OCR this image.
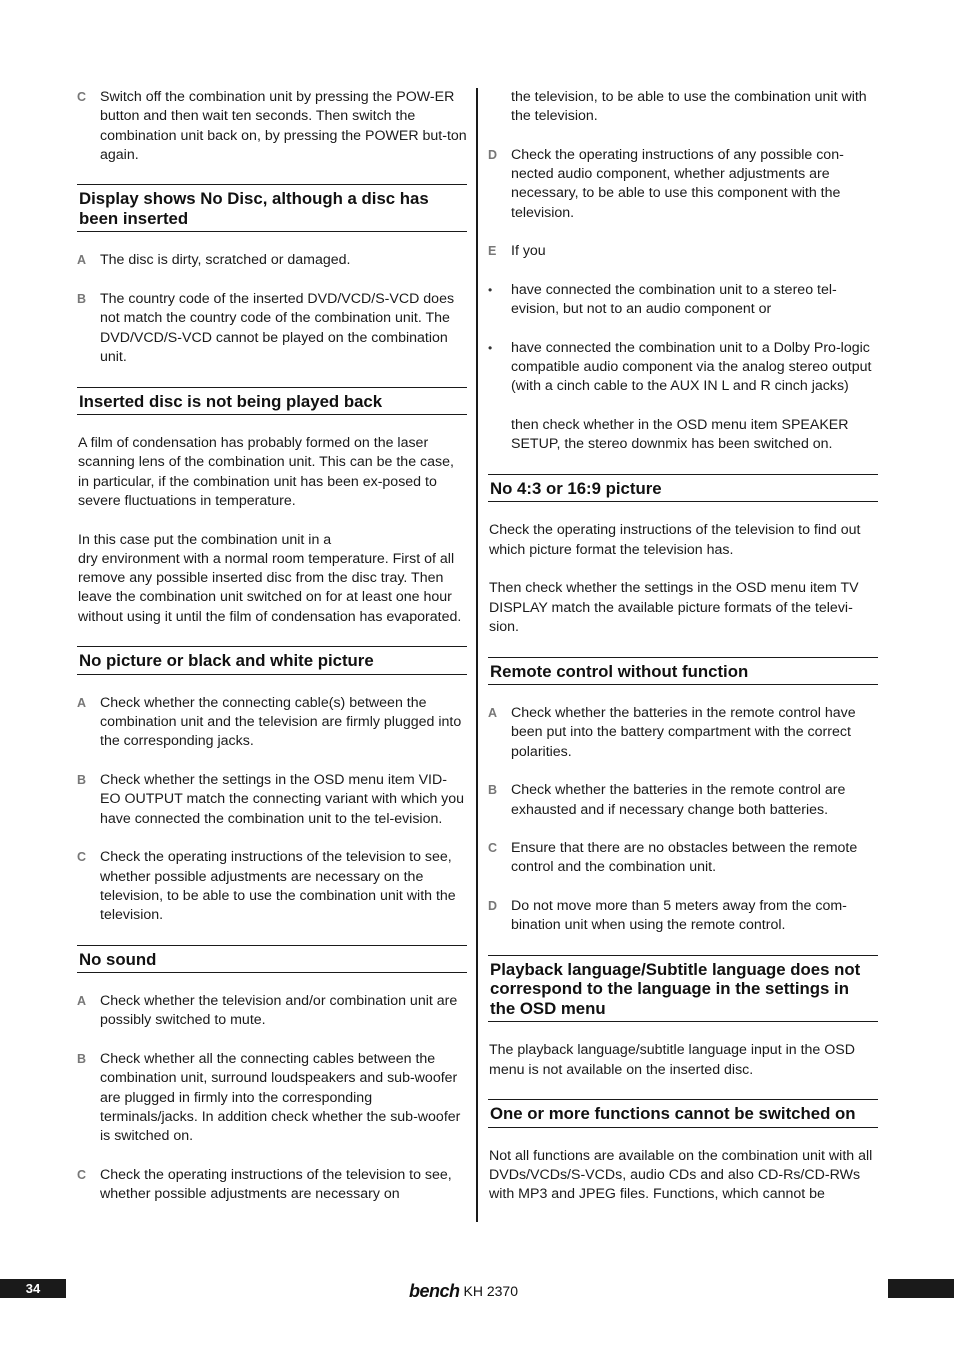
C Switch off the combination unit by pressing the POW-ER button and then wait ten seconds. Then switch the combination unit back on, by pressing the POWER but-ton again.
Display shows No Disc, although a disc has been inserted
A The disc is dirty, scratched or damaged.
B The country code of the inserted DVD/VCD/S-VCD does not match the country code of the combination unit. The DVD/VCD/S-VCD cannot be played on the combination unit.
Inserted disc is not being played back

A film of condensation has probably formed on the laser scanning lens of the combination unit. This can be the case, in particular, if the combination unit has been ex-posed to severe fluctuations in temperature.

In this case put the combination unit in a
dry environment with a normal room temperature. First of all remove any possible inserted disc from the disc tray. Then leave the combination unit switched on for at least one hour without using it until the film of condensation has evaporated.

No picture or black and white picture
A Check whether the connecting cable(s) between the combination unit and the television are firmly plugged into the corresponding jacks.
B Check whether the settings in the OSD menu item VID-EO OUTPUT match the connecting variant with which you have connected the combination unit to the tel-evision.
C Check the operating instructions of the television to see, whether possible adjustments are necessary on the television, to be able to use the combination unit with the television.
No sound
A Check whether the television and/or combination unit are possibly switched to mute.
B Check whether all the connecting cables between the combination unit, surround loudspeakers and sub-woofer are plugged in firmly into the corresponding terminals/jacks. In addition check whether the sub-woofer is switched on.
C Check the operating instructions of the television to see, whether possible adjustments are necessary on
the television, to be able to use the combination unit with the television.
D Check the operating instructions of any possible con-nected audio component, whether adjustments are necessary, to be able to use this component with the television.
E If you
• have connected the combination unit to a stereo tel-evision, but not to an audio component or
• have connected the combination unit to a Dolby Pro-logic compatible audio component via the analog stereo output (with a cinch cable to the AUX IN L and R cinch jacks)
then check whether in the OSD menu item SPEAKER SETUP, the stereo downmix has been switched on.
No 4:3 or 16:9 picture

Check the operating instructions of the television to find out which picture format the television has.

Then check whether the settings in the OSD menu item TV DISPLAY match the available picture formats of the televi-sion.

Remote control without function
A Check whether the batteries in the remote control have been put into the battery compartment with the correct polarities.
B Check whether the batteries in the remote control are exhausted and if necessary change both batteries.
C Ensure that there are no obstacles between the remote control and the combination unit.
D Do not move more than 5 meters away from the com-bination unit when using the remote control.
Playback language/Subtitle language does not correspond to the language in the settings in the OSD menu

The playback language/subtitle language input in the OSD menu is not available on the inserted disc.

One or more functions cannot be switched on

Not all functions are available on the combination unit with all DVDs/VCDs/S-VCDs, audio CDs and also CD-Rs/CD-RWs with MP3 and JPEG files. Functions, which cannot be

34	bench KH 2370
